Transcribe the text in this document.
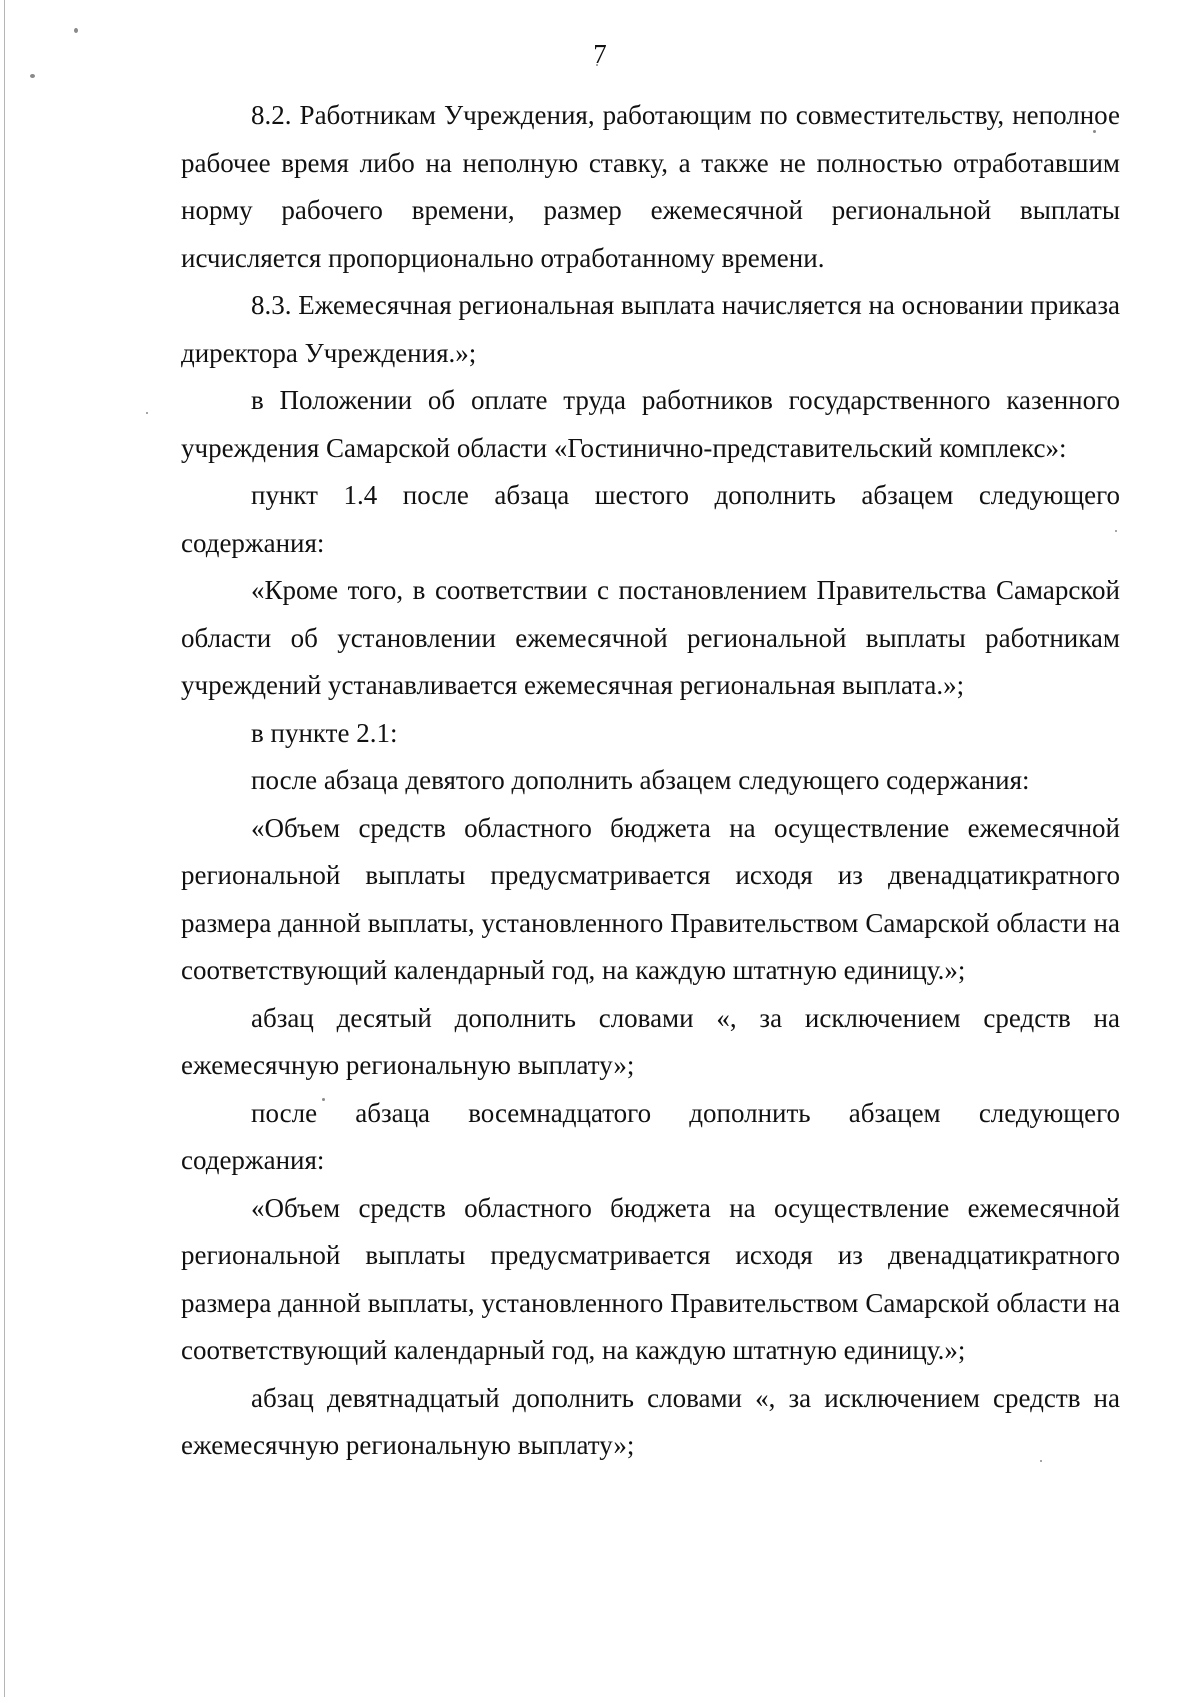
7

8.2. Работникам Учреждения, работающим по совместительству, неполное рабочее время либо на неполную ставку, а также не полностью отработавшим норму рабочего времени, размер ежемесячной региональной выплаты исчисляется пропорционально отработанному времени.

8.3. Ежемесячная региональная выплата начисляется на основании приказа директора Учреждения.»;

в Положении об оплате труда работников государственного казенного учреждения Самарской области «Гостинично-представительский комплекс»:

пункт 1.4 после абзаца шестого дополнить абзацем следующего содержания:

«Кроме того, в соответствии с постановлением Правительства Самарской области об установлении ежемесячной региональной выплаты работникам учреждений устанавливается ежемесячная региональная выплата.»;

в пункте 2.1:

после абзаца девятого дополнить абзацем следующего содержания:

«Объем средств областного бюджета на осуществление ежемесячной региональной выплаты предусматривается исходя из двенадцатикратного размера данной выплаты, установленного Правительством Самарской области на соответствующий календарный год, на каждую штатную единицу.»;

абзац десятый дополнить словами «, за исключением средств на ежемесячную региональную выплату»;

после абзаца восемнадцатого дополнить абзацем следующего содержания:

«Объем средств областного бюджета на осуществление ежемесячной региональной выплаты предусматривается исходя из двенадцатикратного размера данной выплаты, установленного Правительством Самарской области на соответствующий календарный год, на каждую штатную единицу.»;

абзац девятнадцатый дополнить словами «, за исключением средств на ежемесячную региональную выплату»;
